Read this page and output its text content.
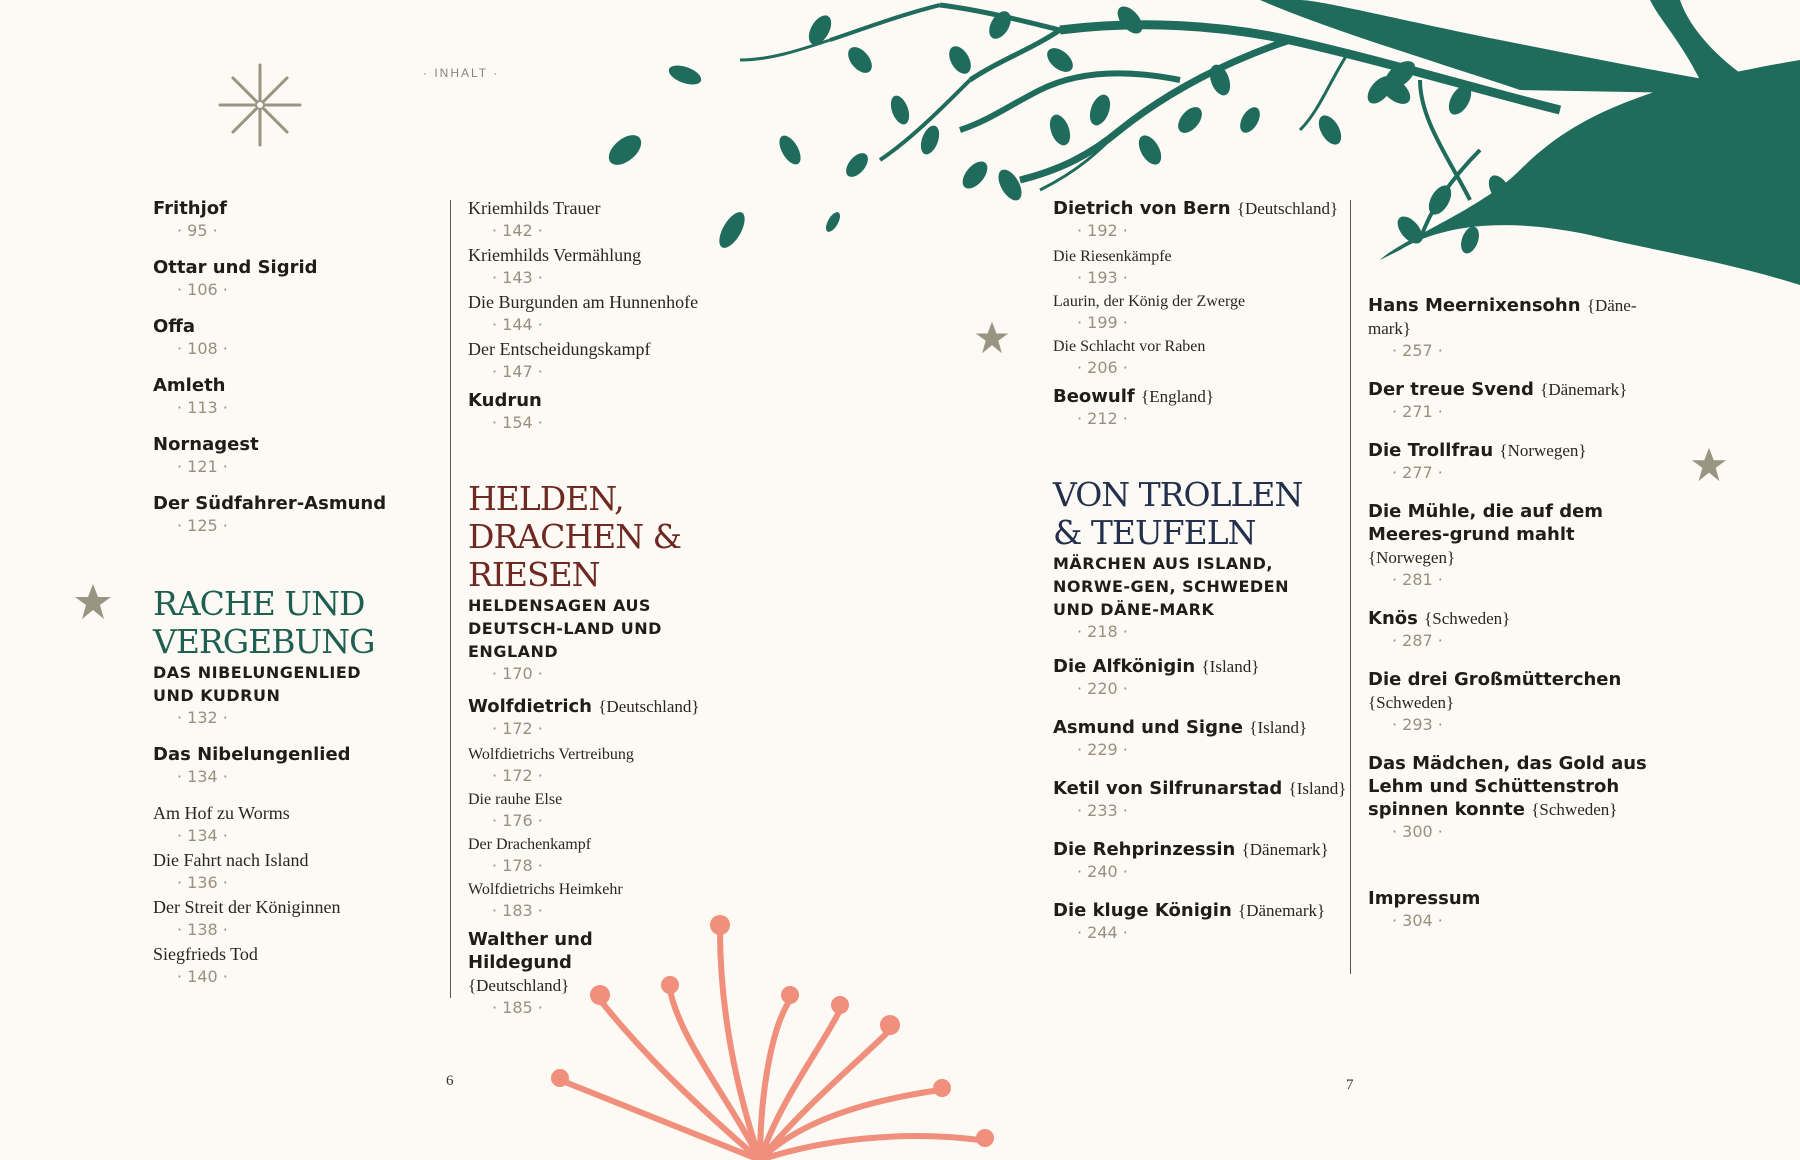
· INHALT ·
Frithjof
· 95 ·
Ottar und Sigrid
· 106 ·
Offa
· 108 ·
Amleth
· 113 ·
Nornagest
· 121 ·
Der Südfahrer-Asmund
· 125 ·
RACHE UND VERGEBUNG
DAS NIBELUNGENLIED UND KUDRUN
· 132 ·
Das Nibelungenlied
· 134 ·
Am Hof zu Worms
· 134 ·
Die Fahrt nach Island
· 136 ·
Der Streit der Königinnen
· 138 ·
Siegfrieds Tod
· 140 ·
Kriemhilds Trauer
· 142 ·
Kriemhilds Vermählung
· 143 ·
Die Burgunden am Hunnenhofe
· 144 ·
Der Entscheidungskampf
· 147 ·
Kudrun
· 154 ·
HELDEN, DRACHEN & RIESEN
HELDENSAGEN AUS DEUTSCH-LAND UND ENGLAND
· 170 ·
Wolfdietrich {Deutschland}
· 172 ·
Wolfdietrichs Vertreibung
· 172 ·
Die rauhe Else
· 176 ·
Der Drachenkampf
· 178 ·
Wolfdietrichs Heimkehr
· 183 ·
Walther und Hildegund {Deutschland}
· 185 ·
Dietrich von Bern {Deutschland}
· 192 ·
Die Riesenkämpfe
· 193 ·
Laurin, der König der Zwerge
· 199 ·
Die Schlacht vor Raben
· 206 ·
Beowulf {England}
· 212 ·
VON TROLLEN & TEUFELN
MÄRCHEN AUS ISLAND, NORWE-GEN, SCHWEDEN UND DÄNE-MARK
· 218 ·
Die Alfkönigin {Island}
· 220 ·
Asmund und Signe {Island}
· 229 ·
Ketil von Silfrunarstad {Island}
· 233 ·
Die Rehprinzessin {Dänemark}
· 240 ·
Die kluge Königin {Dänemark}
· 244 ·
Hans Meernixensohn {Däne-mark}
· 257 ·
Der treue Svend {Dänemark}
· 271 ·
Die Trollfrau {Norwegen}
· 277 ·
Die Mühle, die auf dem Meeres-grund mahlt {Norwegen}
· 281 ·
Knös {Schweden}
· 287 ·
Die drei Großmütterchen {Schweden}
· 293 ·
Das Mädchen, das Gold aus Lehm und Schüttenstroh spinnen konnte {Schweden}
· 300 ·
Impressum
· 304 ·
6	7
